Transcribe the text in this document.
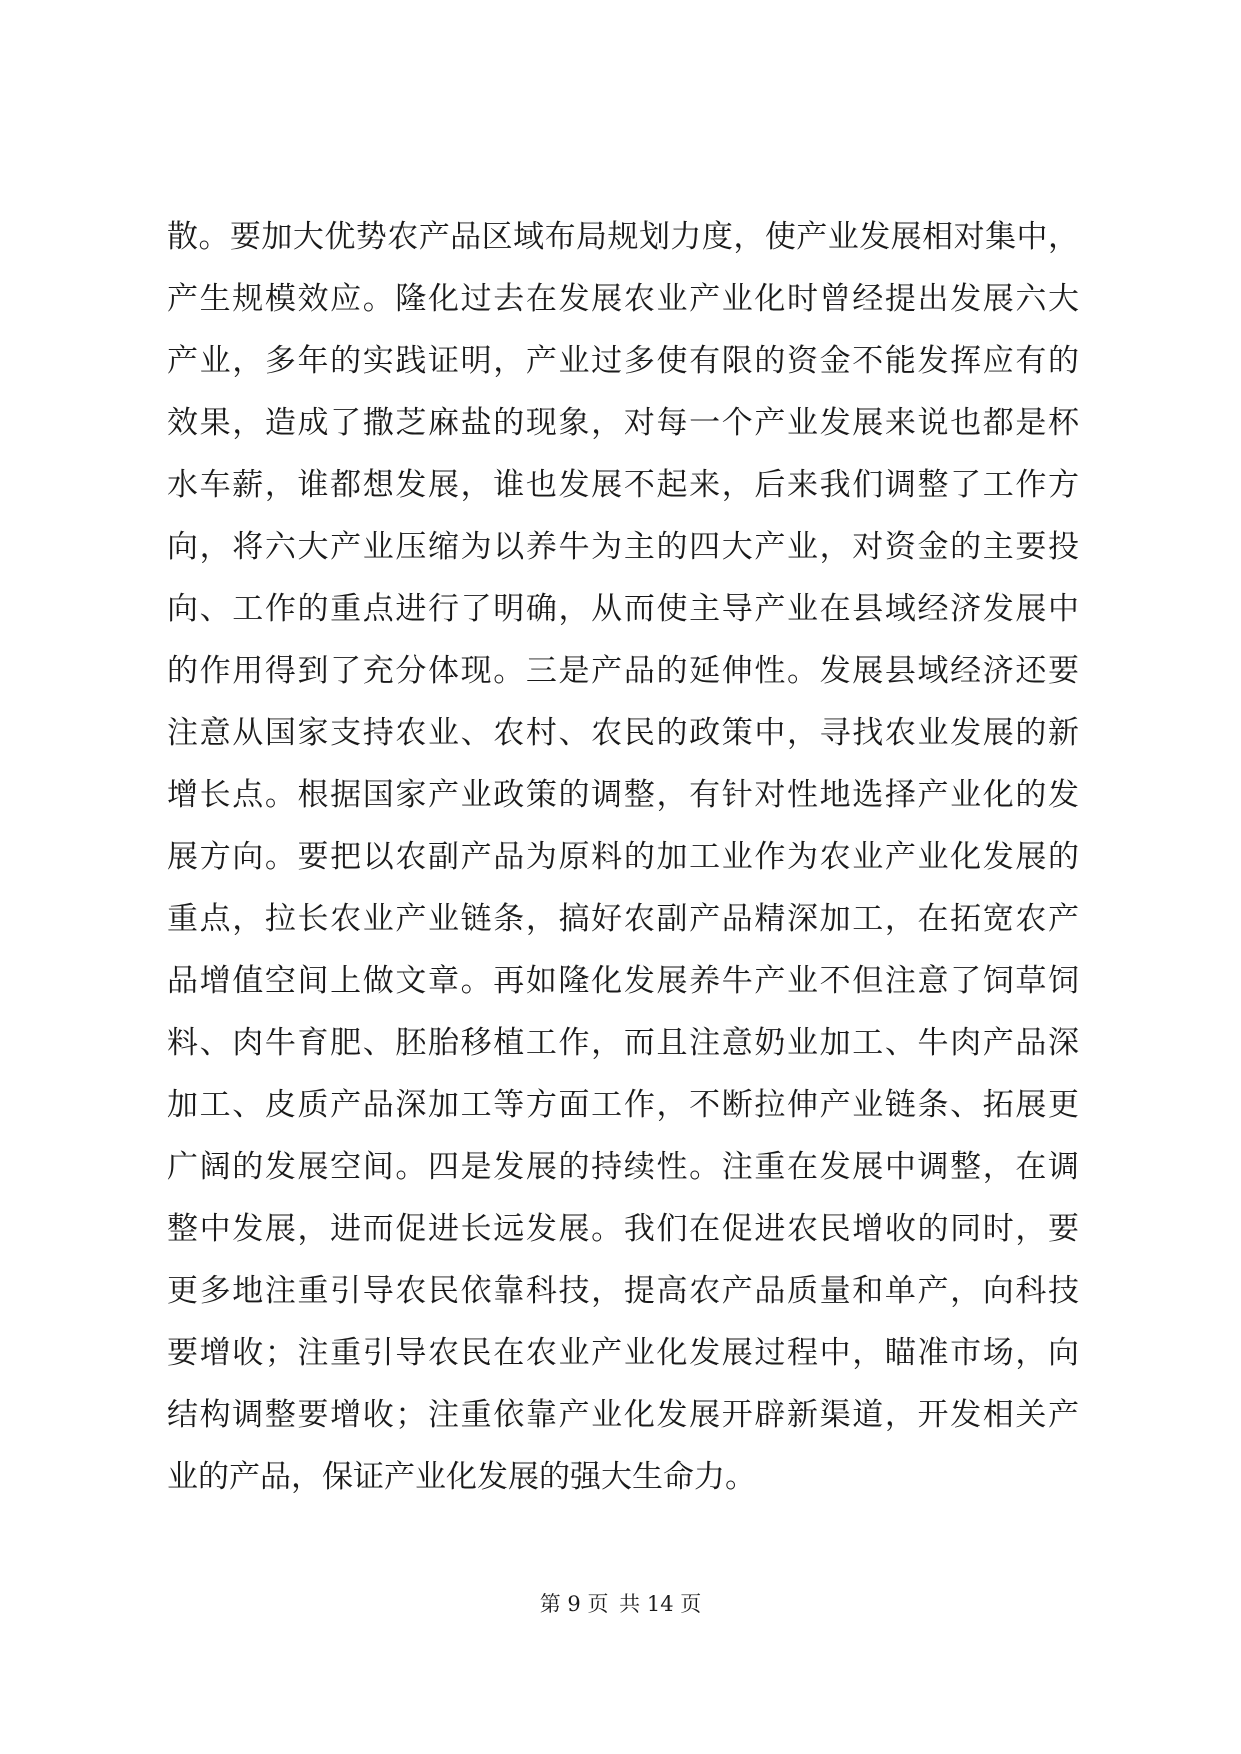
散。要加大优势农产品区域布局规划力度，使产业发展相对集中，
产生规模效应。隆化过去在发展农业产业化时曾经提出发展六大
产业，多年的实践证明，产业过多使有限的资金不能发挥应有的
效果，造成了撒芝麻盐的现象，对每一个产业发展来说也都是杯
水车薪，谁都想发展，谁也发展不起来，后来我们调整了工作方
向，将六大产业压缩为以养牛为主的四大产业，对资金的主要投
向、工作的重点进行了明确，从而使主导产业在县域经济发展中
的作用得到了充分体现。三是产品的延伸性。发展县域经济还要
注意从国家支持农业、农村、农民的政策中，寻找农业发展的新
增长点。根据国家产业政策的调整，有针对性地选择产业化的发
展方向。要把以农副产品为原料的加工业作为农业产业化发展的
重点，拉长农业产业链条，搞好农副产品精深加工，在拓宽农产
品增值空间上做文章。再如隆化发展养牛产业不但注意了饲草饲
料、肉牛育肥、胚胎移植工作，而且注意奶业加工、牛肉产品深
加工、皮质产品深加工等方面工作，不断拉伸产业链条、拓展更
广阔的发展空间。四是发展的持续性。注重在发展中调整，在调
整中发展，进而促进长远发展。我们在促进农民增收的同时，要
更多地注重引导农民依靠科技，提高农产品质量和单产，向科技
要增收；注重引导农民在农业产业化发展过程中，瞄准市场，向
结构调整要增收；注重依靠产业化发展开辟新渠道，开发相关产
业的产品，保证产业化发展的强大生命力。
第 9 页 共 14 页
